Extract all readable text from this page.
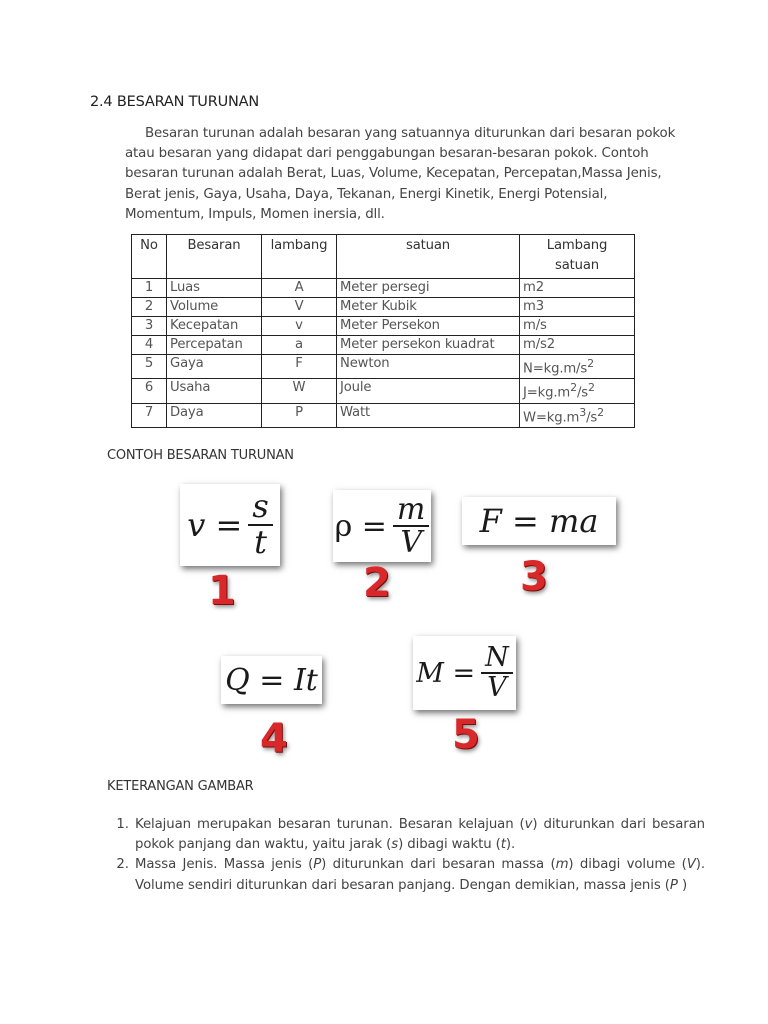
2.4 BESARAN TURUNAN
Besaran turunan adalah besaran yang satuannya diturunkan dari besaran pokok atau besaran yang didapat dari penggabungan besaran-besaran pokok. Contoh besaran turunan adalah Berat, Luas, Volume, Kecepatan, Percepatan,Massa Jenis, Berat jenis, Gaya, Usaha, Daya, Tekanan, Energi Kinetik, Energi Potensial, Momentum, Impuls, Momen inersia, dll.
No	Besaran	lambang	satuan	Lambang
satuan
1	Luas	A	Meter persegi	m2
2	Volume	V	Meter Kubik	m3
3	Kecepatan	v	Meter Persekon	m/s
4	Percepatan	a	Meter persekon kuadrat	m/s2
5	Gaya	F	Newton	$N=kg.m/s^2$
6	Usaha	W	Joule	$J=kg.m^2/s^2$
7	Daya	P	Watt	$W=kg.m^3/s^2$
CONTOH BESARAN TURUNAN
$v = \frac{s}{t}$
1
$\rho = \frac{m}{V}$
2
F = ma
3
Q = It
4
$M = \frac{N}{V}$
5
KETERANGAN GAMBAR
1. Kelajuan merupakan besaran turunan. Besaran kelajuan (v) diturunkan dari besaran pokok panjang dan waktu, yaitu jarak (s) dibagi waktu (t).
2. Massa Jenis. Massa jenis (P) diturunkan dari besaran massa (m) dibagi volume (V). Volume sendiri diturunkan dari besaran panjang. Dengan demikian, massa jenis (P )
